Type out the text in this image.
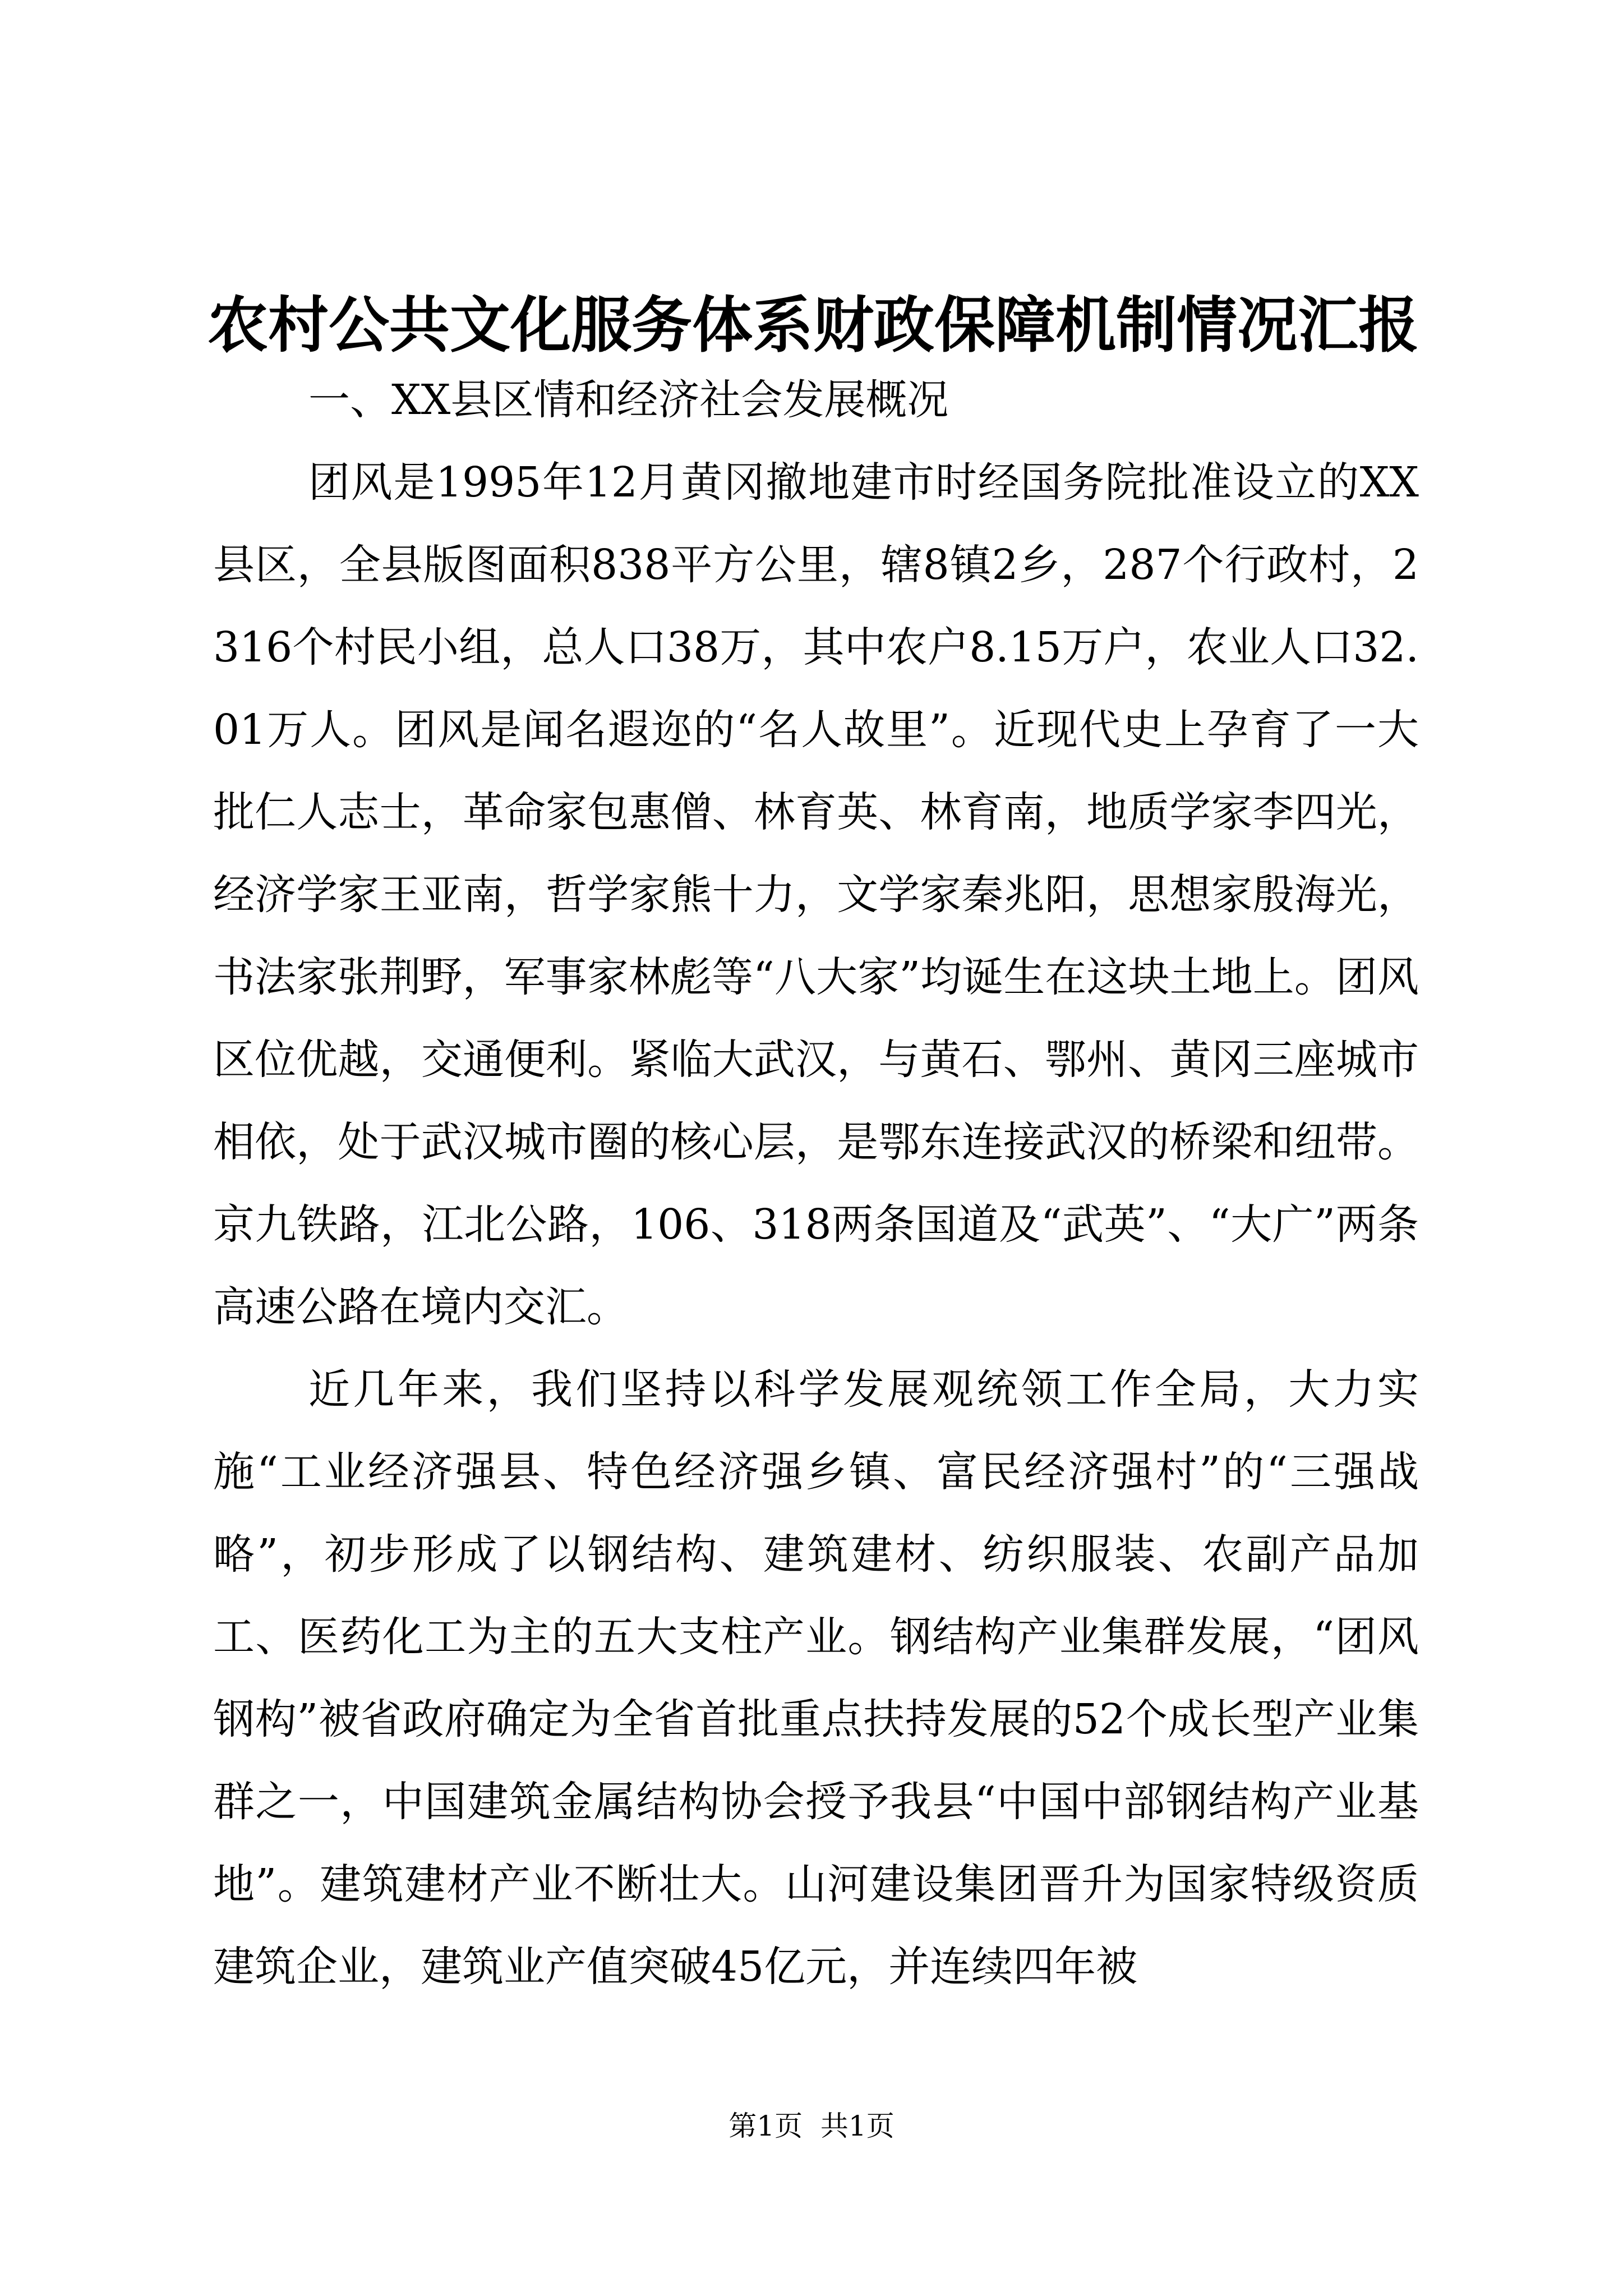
农村公共文化服务体系财政保障机制情况汇报

一、XX县区情和经济社会发展概况

团风是1995年12月黄冈撤地建市时经国务院批准设立的XX县区，全县版图面积838平方公里，辖8镇2乡，287个行政村，2316个村民小组，总人口38万，其中农户8.15万户，农业人口32.01万人。团风是闻名遐迩的“名人故里”。近现代史上孕育了一大批仁人志士，革命家包惠僧、林育英、林育南，地质学家李四光，经济学家王亚南，哲学家熊十力，文学家秦兆阳，思想家殷海光，书法家张荆野，军事家林彪等“八大家”均诞生在这块土地上。团风区位优越，交通便利。紧临大武汉，与黄石、鄂州、黄冈三座城市相依，处于武汉城市圈的核心层，是鄂东连接武汉的桥梁和纽带。京九铁路，江北公路，106、318两条国道及“武英”、“大广”两条高速公路在境内交汇。

近几年来，我们坚持以科学发展观统领工作全局，大力实施“工业经济强县、特色经济强乡镇、富民经济强村”的“三强战略”，初步形成了以钢结构、建筑建材、纺织服装、农副产品加工、医药化工为主的五大支柱产业。钢结构产业集群发展，“团风钢构”被省政府确定为全省首批重点扶持发展的52个成长型产业集群之一，中国建筑金属结构协会授予我县“中国中部钢结构产业基地”。建筑建材产业不断壮大。山河建设集团晋升为国家特级资质建筑企业，建筑业产值突破45亿元，并连续四年被

第1页  共1页
